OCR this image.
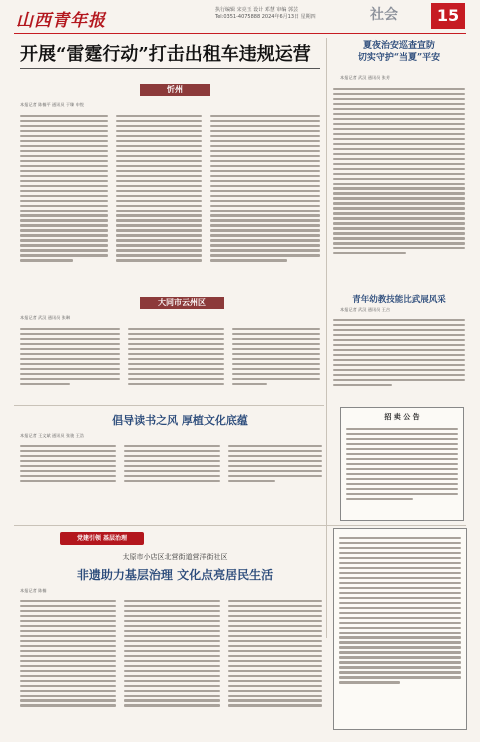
山西青年报
执行编辑 宋亮玉 设计 邓慧 审编 郭芸
Tel:0351-4075888 2024年6月13日 星期四	社会	15
开展“雷霆行动”打击出租车违规运营
忻州
本报记者 陈楠平 通讯员 于臻 申悦
大同市云州区
本报记者 武汉 通讯员 张琳
夏夜治安巡查宣防
切实守护“当夏”平安
本报记者 武汉 通讯员 张芳
青年幼教技能比武展风采
本报记者 武汉 通讯员 王吉
招 卖 公 告
倡导读书之风 厚植文化底蕴
本报记者 王文斌 通讯员 张骏 王浩
党建引领 基层治理
太原市小店区北营街道营洋街社区
非遗助力基层治理 文化点亮居民生活
本报记者 陈楠
